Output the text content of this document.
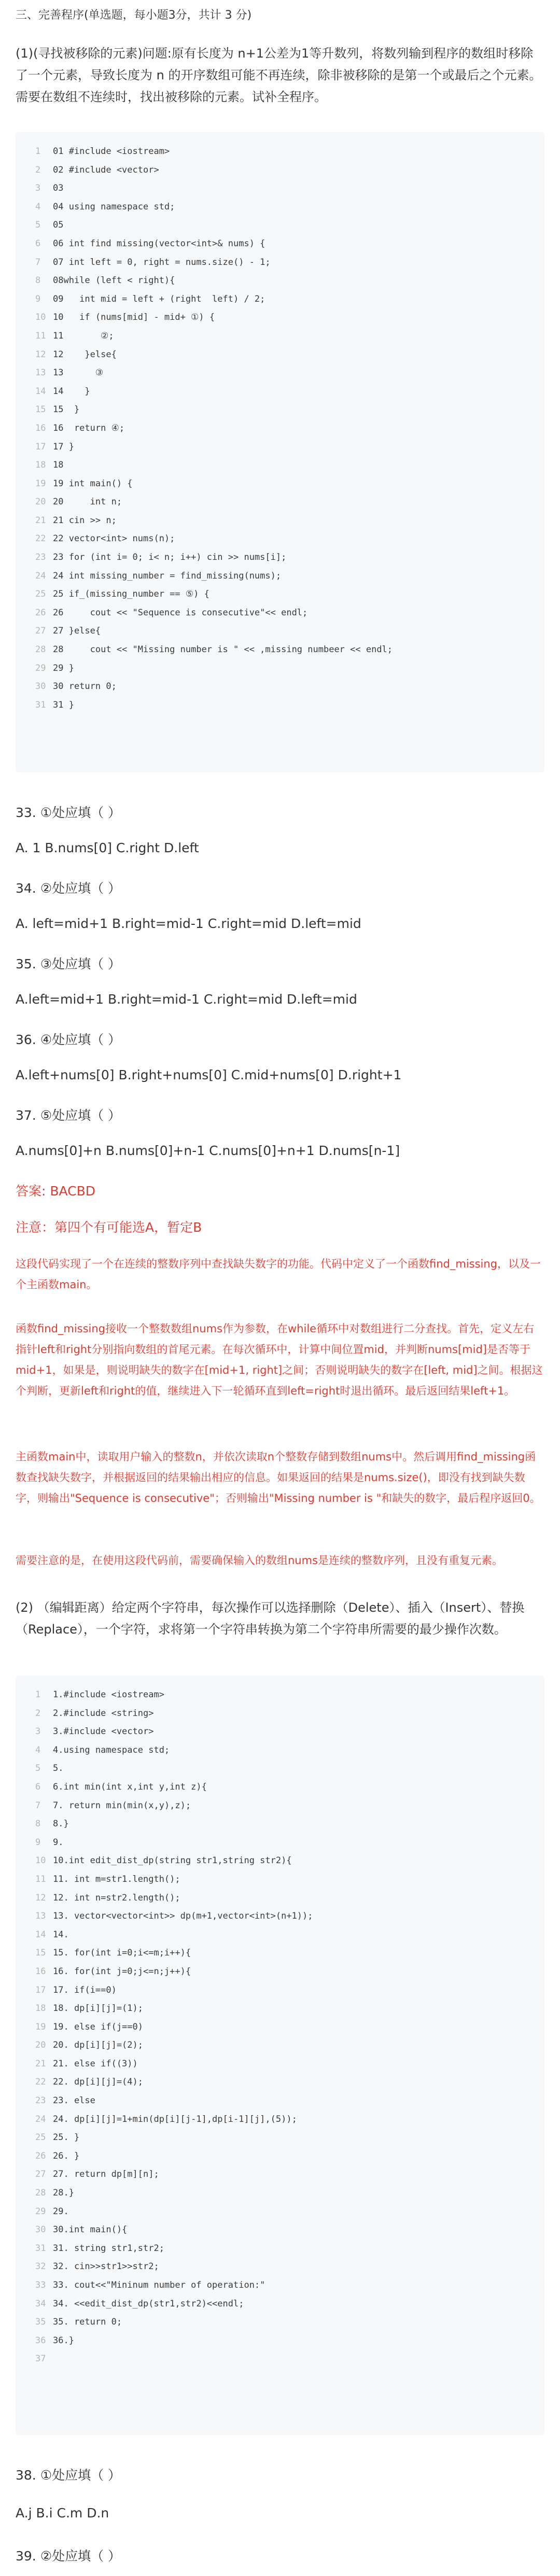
三、完善程序(单选题，每小题3分，共计 3 分)
(1)(寻找被移除的元素)问题:原有长度为 n+1公差为1等升数列，将数列输到程序的数组时移除了一个元素，导致长度为 n 的开序数组可能不再连续，除非被移除的是第一个或最后之个元素。需要在数组不连续时，找出被移除的元素。试补全程序。
1 01 #include <iostream>
2 02 #include <vector>
3 03
4 04 using namespace std;
5 05
6 06 int find missing(vector<int>& nums) {
7 07 int left = 0, right = nums.size() - 1;
8 08while (left < right){
9 09   int mid = left + (right  left) / 2;
10 10   if (nums[mid] - mid+ ①) {
11 11       ②;
12 12    }else{
13 13      ③
14 14    }
15 15  }
16 16  return ④;
17 17 }
18 18
19 19 int main() {
20 20     int n;
21 21 cin >> n;
22 22 vector<int> nums(n);
23 23 for (int i= 0; i< n; i++) cin >> nums[i];
24 24 int missing_number = find_missing(nums);
25 25 if_(missing_number == ⑤) {
26 26     cout << "Sequence is consecutive"<< endl;
27 27 }else{
28 28     cout << "Missing number is " << ,missing numbeer << endl;
29 29 }
30 30 return 0;
31 31 }
33. ①处应填（ ）
A. 1 B.nums[0] C.right D.left
34. ②处应填（ ）
A. left=mid+1 B.right=mid-1 C.right=mid D.left=mid
35. ③处应填（ ）
A.left=mid+1 B.right=mid-1 C.right=mid D.left=mid
36. ④处应填（ ）
A.left+nums[0] B.right+nums[0] C.mid+nums[0] D.right+1
37. ⑤处应填（ ）
A.nums[0]+n B.nums[0]+n-1 C.nums[0]+n+1 D.nums[n-1]
答案: BACBD
注意：第四个有可能选A，暂定B
这段代码实现了一个在连续的整数序列中查找缺失数字的功能。代码中定义了一个函数find_missing，以及一个主函数main。
函数find_missing接收一个整数数组nums作为参数，在while循环中对数组进行二分查找。首先，定义左右指针left和right分别指向数组的首尾元素。在每次循环中，计算中间位置mid，并判断nums[mid]是否等于mid+1，如果是，则说明缺失的数字在[mid+1, right]之间；否则说明缺失的数字在[left, mid]之间。根据这个判断，更新left和right的值，继续进入下一轮循环直到left=right时退出循环。最后返回结果left+1。
主函数main中，读取用户输入的整数n，并依次读取n个整数存储到数组nums中。然后调用find_missing函数查找缺失数字，并根据返回的结果输出相应的信息。如果返回的结果是nums.size()，即没有找到缺失数字，则输出"Sequence is consecutive"；否则输出"Missing number is "和缺失的数字，最后程序返回0。
需要注意的是，在使用这段代码前，需要确保输入的数组nums是连续的整数序列，且没有重复元素。
(2) （编辑距离）给定两个字符串，每次操作可以选择删除（Delete）、插入（Insert）、替换（Replace），一个字符，求将第一个字符串转换为第二个字符串所需要的最少操作次数。
1 1.#include <iostream>
2 2.#include <string>
3 3.#include <vector>
4 4.using namespace std;
5 5.
6 6.int min(int x,int y,int z){
7 7. return min(min(x,y),z);
8 8.}
9 9.
10 10.int edit_dist_dp(string str1,string str2){
11 11. int m=str1.length();
12 12. int n=str2.length();
13 13. vector<vector<int>> dp(m+1,vector<int>(n+1));
14 14.
15 15. for(int i=0;i<=m;i++){
16 16. for(int j=0;j<=n;j++){
17 17. if(i==0)
18 18. dp[i][j]=(1);
19 19. else if(j==0)
20 20. dp[i][j]=(2);
21 21. else if((3))
22 22. dp[i][j]=(4);
23 23. else
24 24. dp[i][j]=1+min(dp[i][j-1],dp[i-1][j],(5));
25 25. }
26 26. }
27 27. return dp[m][n];
28 28.}
29 29.
30 30.int main(){
31 31. string str1,str2;
32 32. cin>>str1>>str2;
33 33. cout<<"Mininum number of operation:"
34 34. <<edit_dist_dp(str1,str2)<<endl;
35 35. return 0;
36 36.}
37
38. ①处应填（ ）
A.j B.i C.m D.n
39. ②处应填（ ）
